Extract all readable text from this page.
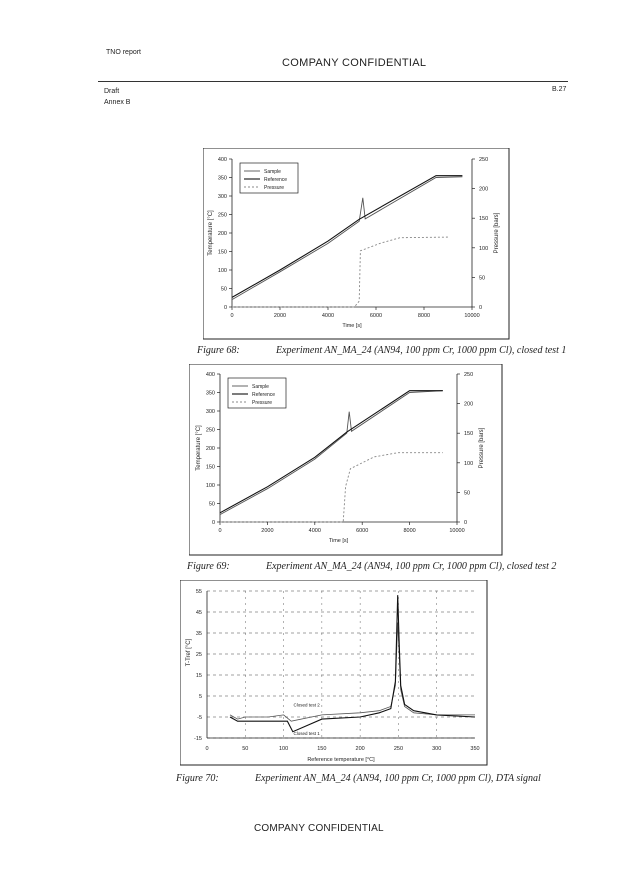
TNO report
COMPANY CONFIDENTIAL
Draft
Annex B
B.27
0
50
100
150
200
250
300
350
400
0
50
100
150
200
250
0	2000	4000	6000	8000	10000
Time [s]
Temperature [°C]	Pressure [bars]
Sample
Reference
Pressure
Figure 68:	Experiment AN_MA_24 (AN94, 100 ppm Cr, 1000 ppm Cl), closed test 1
0
50
100
150
200
250
300
350
400
0
50
100
150
200
250
0	2000	4000	6000	8000	10000
Time [s]
Temperature [°C]	Pressure [bars]
Sample
Reference
Pressure
Figure 69:	Experiment AN_MA_24 (AN94, 100 ppm Cr, 1000 ppm Cl), closed test 2
-15
-5
5
15
25
35
45
55
0	50	100	150	200	250	300	350
Reference temperature [°C]
T-Tref [°C]
Closed test 2
Closed test 1
Figure 70:	Experiment AN_MA_24 (AN94, 100 ppm Cr, 1000 ppm Cl), DTA signal
COMPANY CONFIDENTIAL
